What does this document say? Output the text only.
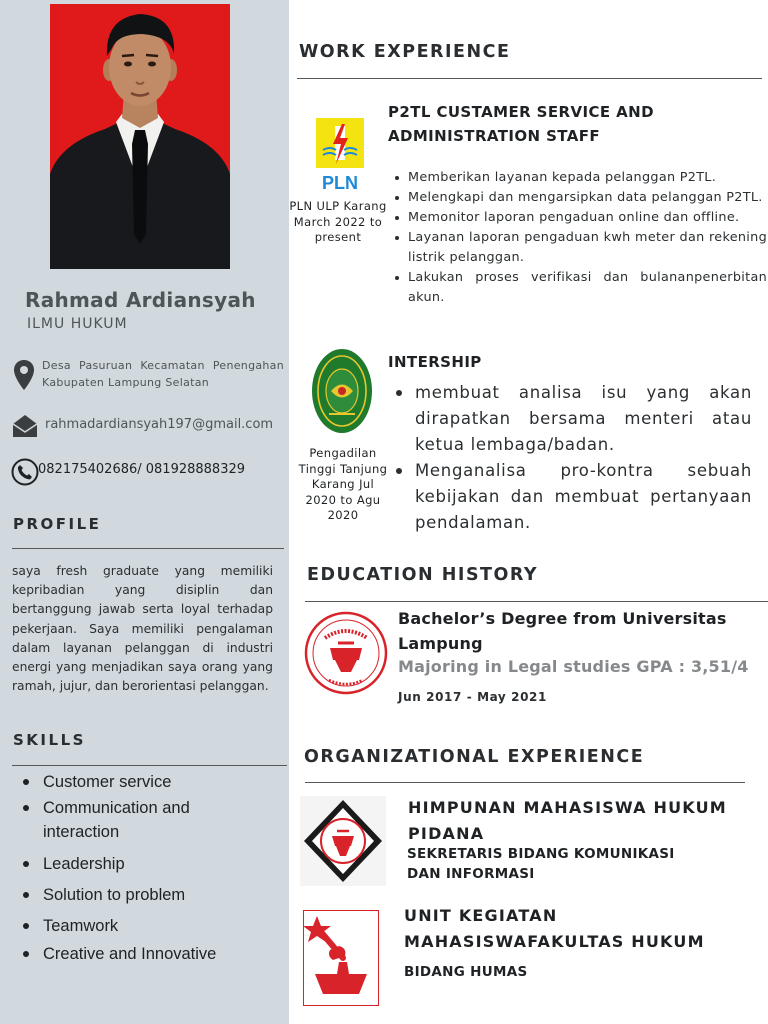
Rahmad Ardiansyah
ILMU HUKUM
Desa Pasuruan Kecamatan Penengahan Kabupaten Lampung Selatan
rahmadardiansyah197@gmail.com
082175402686/ 081928888329
PROFILE
saya fresh graduate yang memiliki kepribadian yang disiplin dan bertanggung jawab serta loyal terhadap pekerjaan. Saya memiliki pengalaman dalam layanan pelanggan di industri energi yang menjadikan saya orang yang ramah, jujur, dan berorientasi pelanggan.
SKILLS
Customer service
Communication and interaction
Leadership
Solution to problem
Teamwork
Creative and Innovative
WORK EXPERIENCE
PLN
PLN ULP Karang March 2022 to present
P2TL CUSTAMER SERVICE AND ADMINISTRATION STAFF
Memberikan layanan kepada pelanggan P2TL.
Melengkapi dan mengarsipkan data pelanggan P2TL.
Memonitor laporan pengaduan online dan offline.
Layanan laporan pengaduan kwh meter dan rekening listrik pelanggan.
Lakukan proses verifikasi dan bulananpenerbitan akun.
Pengadilan Tinggi Tanjung Karang Jul 2020 to Agu 2020
INTERSHIP
membuat analisa isu yang akan dirapatkan bersama menteri atau ketua lembaga/badan.
Menganalisa pro-kontra sebuah kebijakan dan membuat pertanyaan pendalaman.
EDUCATION HISTORY
Bachelor’s Degree from Universitas Lampung
Majoring in Legal studies GPA : 3,51/4
Jun 2017 - May 2021
ORGANIZATIONAL EXPERIENCE
HIMPUNAN MAHASISWA HUKUM PIDANA
SEKRETARIS BIDANG KOMUNIKASI DAN INFORMASI
UNIT KEGIATAN MAHASISWAFAKULTAS HUKUM
BIDANG HUMAS
